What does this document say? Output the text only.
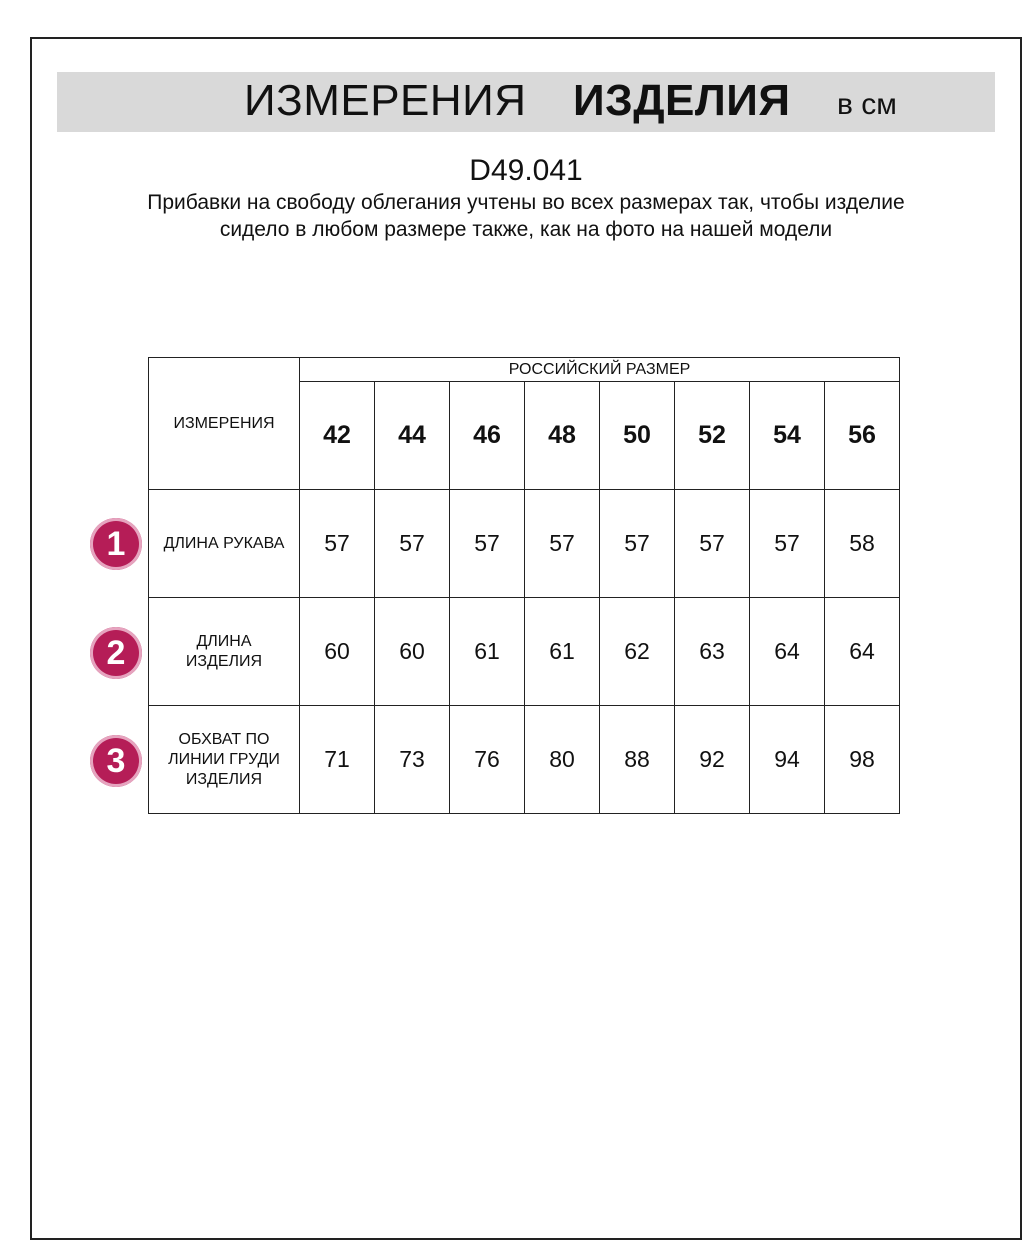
ИЗМЕРЕНИЯ ИЗДЕЛИЯ в см
D49.041
Прибавки на свободу облегания учтены во всех размерах так, чтобы изделие сидело в любом размере также, как на фото на нашей модели
ИЗМЕРЕНИЯ	РОССИЙСКИЙ РАЗМЕР							
	42	44	46	48	50	52	54	56
ДЛИНА РУКАВА	57	57	57	57	57	57	57	58
ДЛИНА ИЗДЕЛИЯ	60	60	61	61	62	63	64	64
ОБХВАТ ПО ЛИНИИ ГРУДИ ИЗДЕЛИЯ	71	73	76	80	88	92	94	98
1
2
3
